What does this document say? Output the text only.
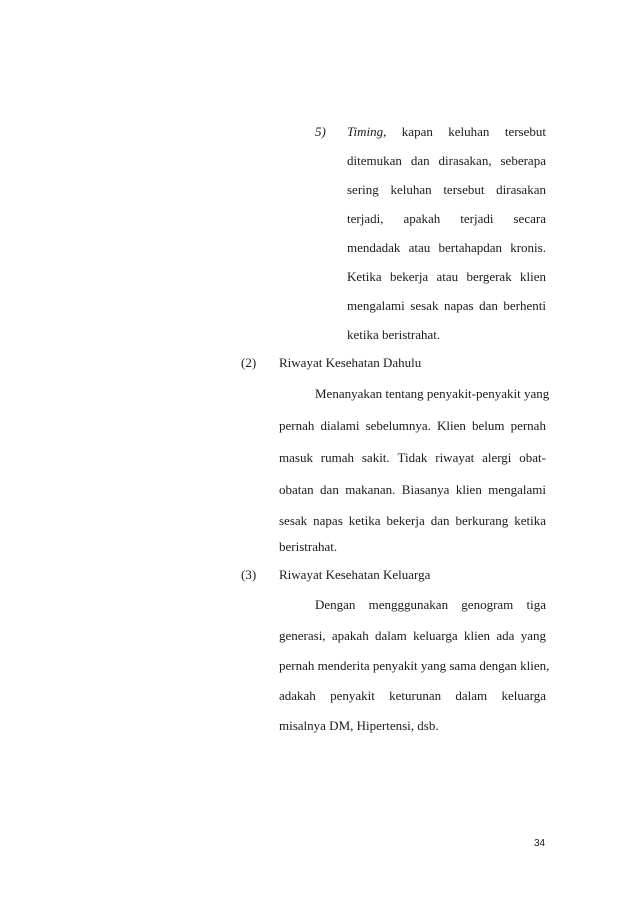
5) Timing, kapan keluhan tersebut
ditemukan dan dirasakan, seberapa
sering keluhan tersebut dirasakan
terjadi, apakah terjadi secara
mendadak atau bertahapdan kronis.
Ketika bekerja atau bergerak klien
mengalami sesak napas dan berhenti
ketika beristrahat.
(2) Riwayat Kesehatan Dahulu
Menanyakan tentang penyakit-penyakit yang
pernah dialami sebelumnya. Klien belum pernah
masuk rumah sakit. Tidak riwayat alergi obat-
obatan dan makanan. Biasanya klien mengalami
sesak napas ketika bekerja dan berkurang ketika
beristrahat.
(3) Riwayat Kesehatan Keluarga
Dengan mengggunakan genogram tiga
generasi, apakah dalam keluarga klien ada yang
pernah menderita penyakit yang sama dengan klien,
adakah penyakit keturunan dalam keluarga
misalnya DM, Hipertensi, dsb.
34
